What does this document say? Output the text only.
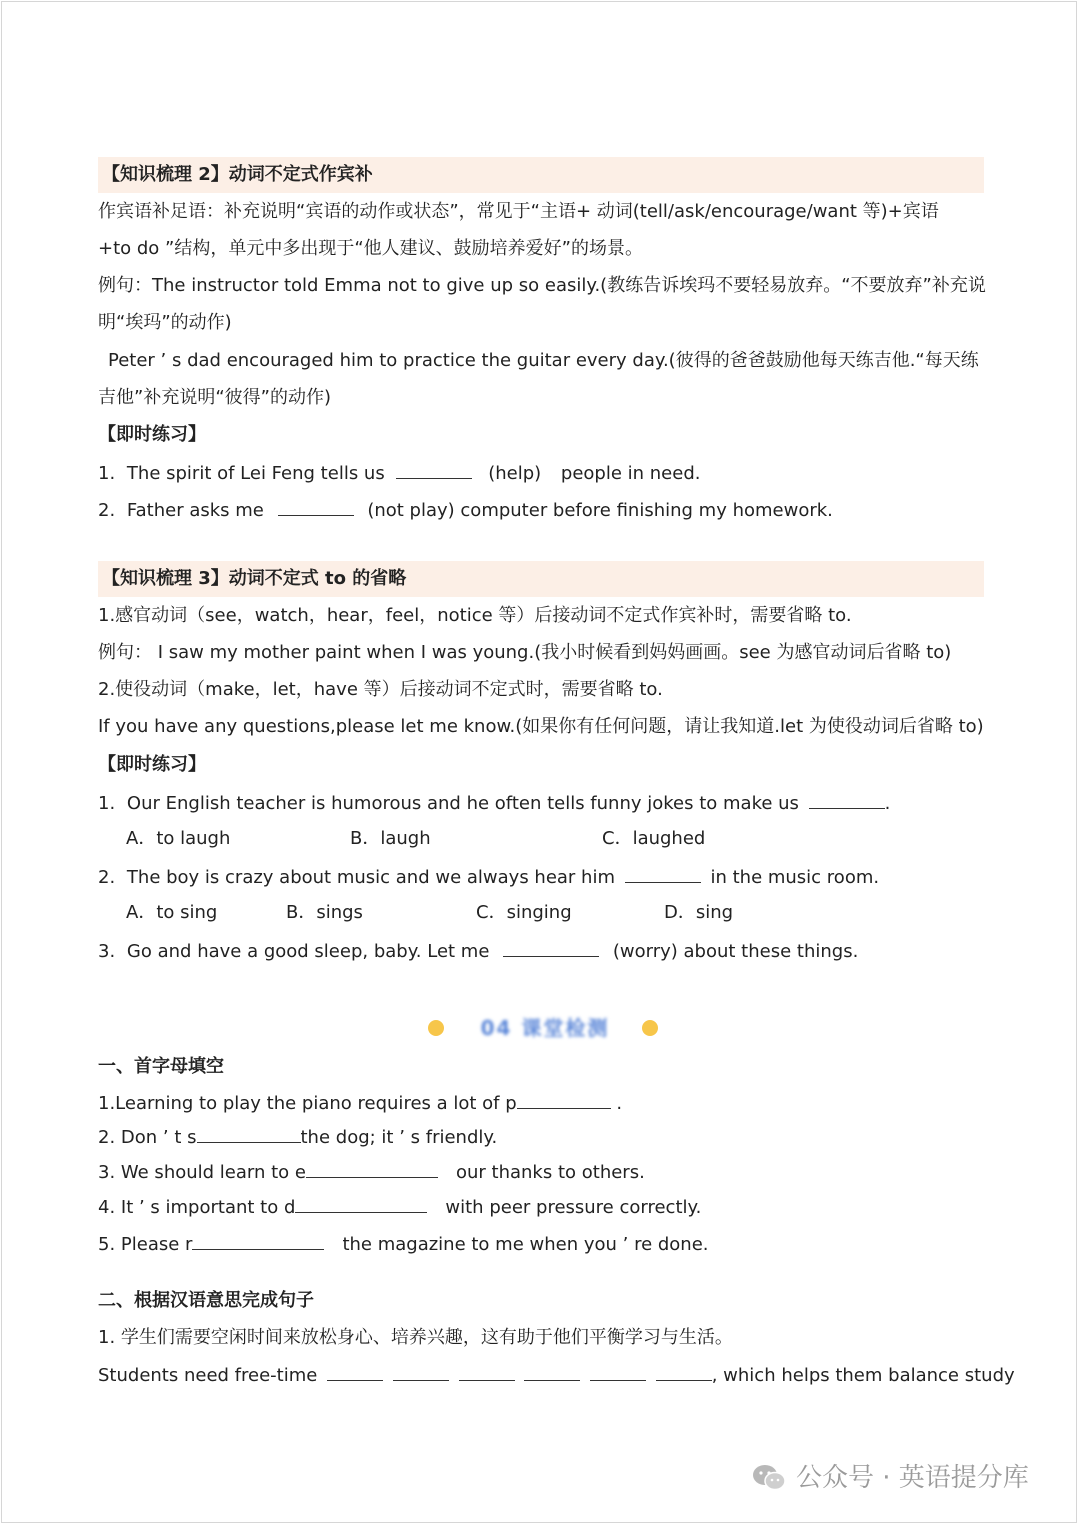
【知识梳理 2】动词不定式作宾补
作宾语补足语：补充说明“宾语的动作或状态”，常见于“主语+ 动词(tell/ask/encourage/want 等)+宾语
+to do ”结构，单元中多出现于“他人建议、鼓励培养爱好”的场景。
例句：The instructor told Emma not to give up so easily.(教练告诉埃玛不要轻易放弃。“不要放弃”补充说
明“埃玛”的动作)
Peter ’ s dad encouraged him to practice the guitar every day.(彼得的爸爸鼓励他每天练吉他.“每天练
吉他”补充说明“彼得”的动作)
【即时练习】
1. The spirit of Lei Feng tells us	(help) people in need.
2. Father asks me	(not play) computer before finishing my homework.
【知识梳理 3】动词不定式 to 的省略
1.感官动词（see，watch，hear，feel，notice 等）后接动词不定式作宾补时，需要省略 to.
例句： I saw my mother paint when I was young.(我小时候看到妈妈画画。see 为感官动词后省略 to)
2.使役动词（make，let，have 等）后接动词不定式时，需要省略 to.
If you have any questions,please let me know.(如果你有任何问题，请让我知道.let 为使役动词后省略 to)
【即时练习】
1. Our English teacher is humorous and he often tells funny jokes to make us	.
A．to laugh	B．laugh	C．laughed
2. The boy is crazy about music and we always hear him	in the music room.
A．to sing	B．sings	C．singing	D．sing
3. Go and have a good sleep, baby. Let me	(worry) about these things.
04 课堂检测
一、首字母填空
1.Learning to play the piano requires a lot of p	.
2. Don ’ t s	the dog; it ’ s friendly.
3. We should learn to e	our thanks to others.
4. It ’ s important to d	with peer pressure correctly.
5. Please r	the magazine to me when you ’ re done.
二、根据汉语意思完成句子
1. 学生们需要空闲时间来放松身心、培养兴趣，这有助于他们平衡学习与生活。
Students need free-time	, which helps them balance study
公众号 · 英语提分库
